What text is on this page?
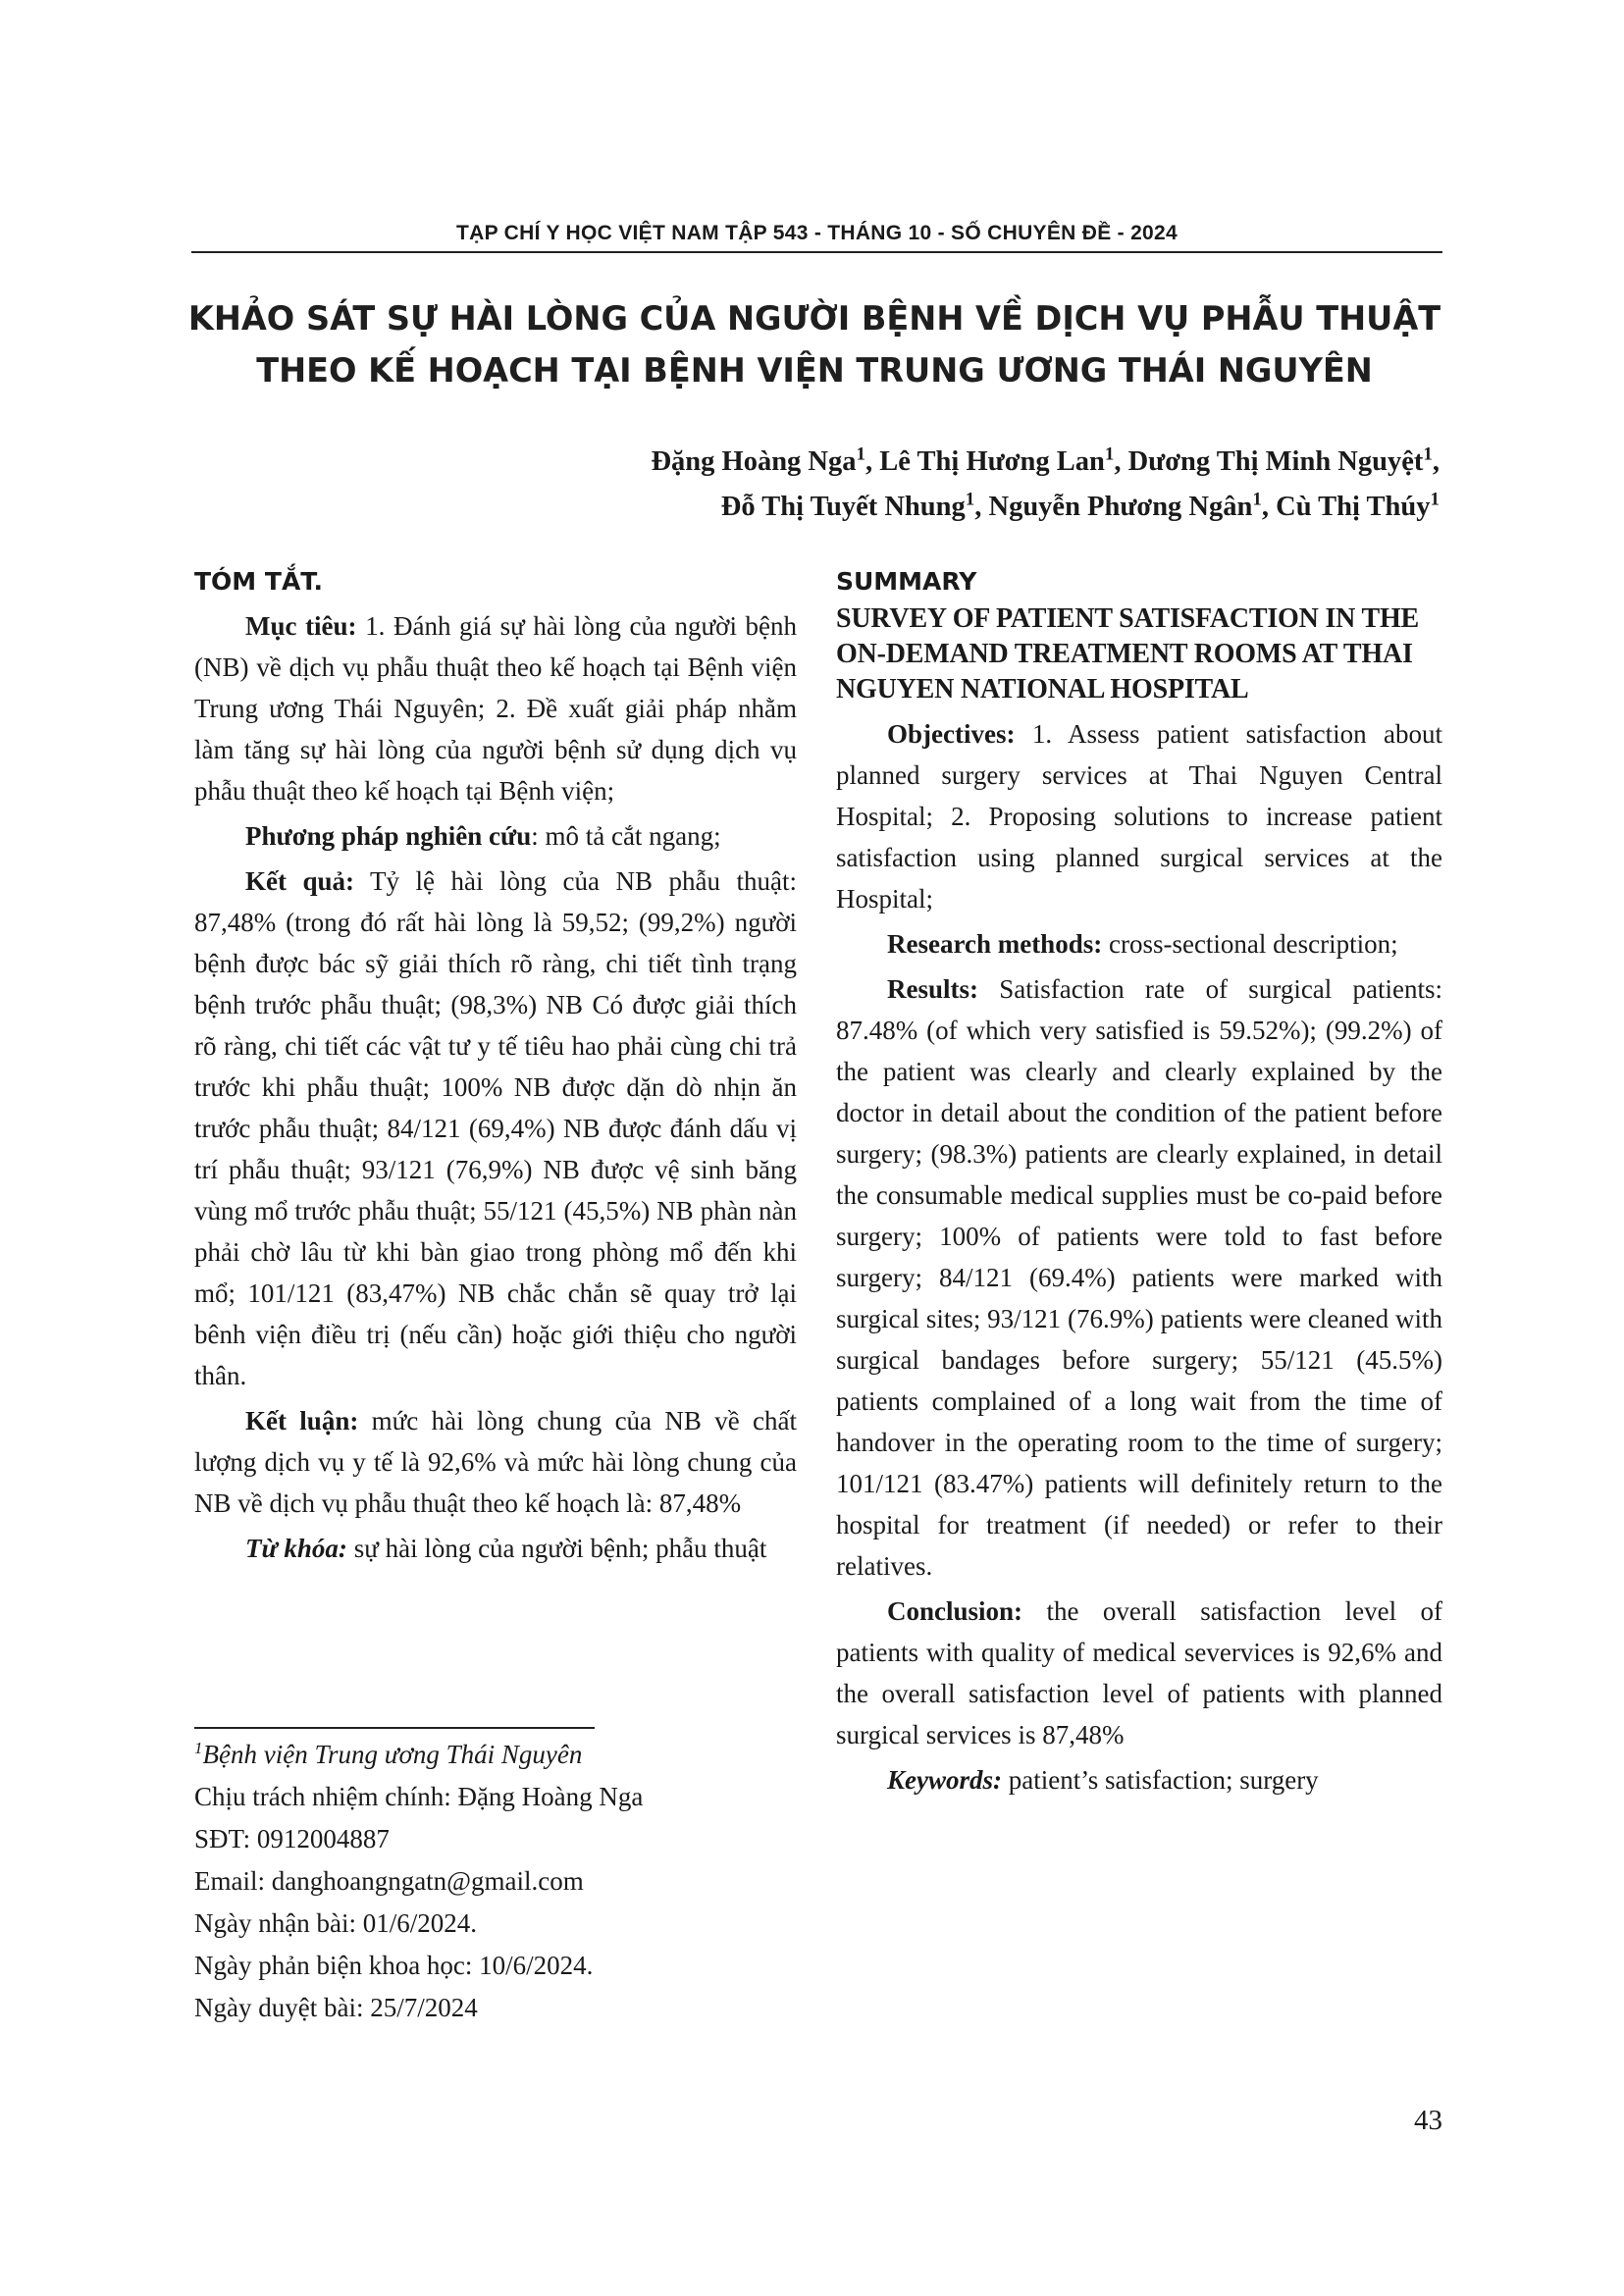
TẠP CHÍ Y HỌC VIỆT NAM TẬP 543 - THÁNG 10 - SỐ CHUYÊN ĐỀ - 2024
KHẢO SÁT SỰ HÀI LÒNG CỦA NGƯỜI BỆNH VỀ DỊCH VỤ PHẪU THUẬT
THEO KẾ HOẠCH TẠI BỆNH VIỆN TRUNG ƯƠNG THÁI NGUYÊN
Đặng Hoàng Nga$^1$, Lê Thị Hương Lan$^1$, Dương Thị Minh Nguyệt$^1$,
Đỗ Thị Tuyết Nhung$^1$, Nguyễn Phương Ngân$^1$, Cù Thị Thúy$^1$
TÓM TẮT.

Mục tiêu: 1. Đánh giá sự hài lòng của người bệnh (NB) về dịch vụ phẫu thuật theo kế hoạch tại Bệnh viện Trung ương Thái Nguyên; 2. Đề xuất giải pháp nhằm làm tăng sự hài lòng của người bệnh sử dụng dịch vụ phẫu thuật theo kế hoạch tại Bệnh viện;

Phương pháp nghiên cứu: mô tả cắt ngang;

Kết quả: Tỷ lệ hài lòng của NB phẫu thuật: 87,48% (trong đó rất hài lòng là 59,52; (99,2%) người bệnh được bác sỹ giải thích rõ ràng, chi tiết tình trạng bệnh trước phẫu thuật; (98,3%) NB Có được giải thích rõ ràng, chi tiết các vật tư y tế tiêu hao phải cùng chi trả trước khi phẫu thuật; 100% NB được dặn dò nhịn ăn trước phẫu thuật; 84/121 (69,4%) NB được đánh dấu vị trí phẫu thuật; 93/121 (76,9%) NB được vệ sinh băng vùng mổ trước phẫu thuật; 55/121 (45,5%) NB phàn nàn phải chờ lâu từ khi bàn giao trong phòng mổ đến khi mổ; 101/121 (83,47%) NB chắc chắn sẽ quay trở lại bênh viện điều trị (nếu cần) hoặc giới thiệu cho người thân.

Kết luận: mức hài lòng chung của NB về chất lượng dịch vụ y tế là 92,6% và mức hài lòng chung của NB về dịch vụ phẫu thuật theo kế hoạch là: 87,48%

Từ khóa: sự hài lòng của người bệnh; phẫu thuật

$^1$Bệnh viện Trung ương Thái Nguyên
Chịu trách nhiệm chính: Đặng Hoàng Nga
SĐT: 0912004887
Email: danghoangngatn@gmail.com
Ngày nhận bài: 01/6/2024.
Ngày phản biện khoa học: 10/6/2024.
Ngày duyệt bài: 25/7/2024
SUMMARY
SURVEY OF PATIENT SATISFACTION IN THE ON-DEMAND TREATMENT ROOMS AT THAI NGUYEN NATIONAL HOSPITAL

Objectives: 1. Assess patient satisfaction about planned surgery services at Thai Nguyen Central Hospital; 2. Proposing solutions to increase patient satisfaction using planned surgical services at the Hospital;

Research methods: cross-sectional description;

Results: Satisfaction rate of surgical patients: 87.48% (of which very satisfied is 59.52%); (99.2%) of the patient was clearly and clearly explained by the doctor in detail about the condition of the patient before surgery; (98.3%) patients are clearly explained, in detail the consumable medical supplies must be co-paid before surgery; 100% of patients were told to fast before surgery; 84/121 (69.4%) patients were marked with surgical sites; 93/121 (76.9%) patients were cleaned with surgical bandages before surgery; 55/121 (45.5%) patients complained of a long wait from the time of handover in the operating room to the time of surgery; 101/121 (83.47%) patients will definitely return to the hospital for treatment (if needed) or refer to their relatives.

Conclusion: the overall satisfaction level of patients with quality of medical severvices is 92,6% and the overall satisfaction level of patients with planned surgical services is 87,48%

Keywords: patient’s satisfaction; surgery

43
